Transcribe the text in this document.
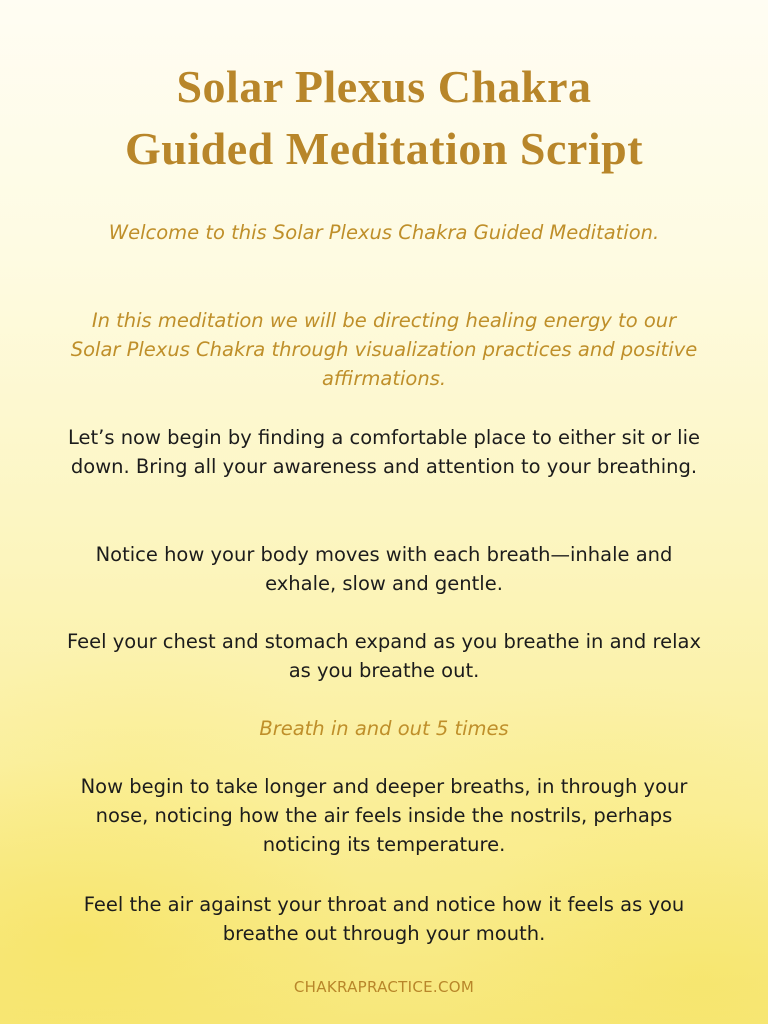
Solar Plexus Chakra
Guided Meditation Script

Welcome to this Solar Plexus Chakra Guided Meditation.

In this meditation we will be directing healing energy to our Solar Plexus Chakra through visualization practices and positive affirmations.

Let’s now begin by finding a comfortable place to either sit or lie down. Bring all your awareness and attention to your breathing.

Notice how your body moves with each breath—inhale and exhale, slow and gentle.

Feel your chest and stomach expand as you breathe in and relax as you breathe out.

Breath in and out 5 times

Now begin to take longer and deeper breaths, in through your nose, noticing how the air feels inside the nostrils, perhaps noticing its temperature.

Feel the air against your throat and notice how it feels as you breathe out through your mouth.

CHAKRAPRACTICE.COM
